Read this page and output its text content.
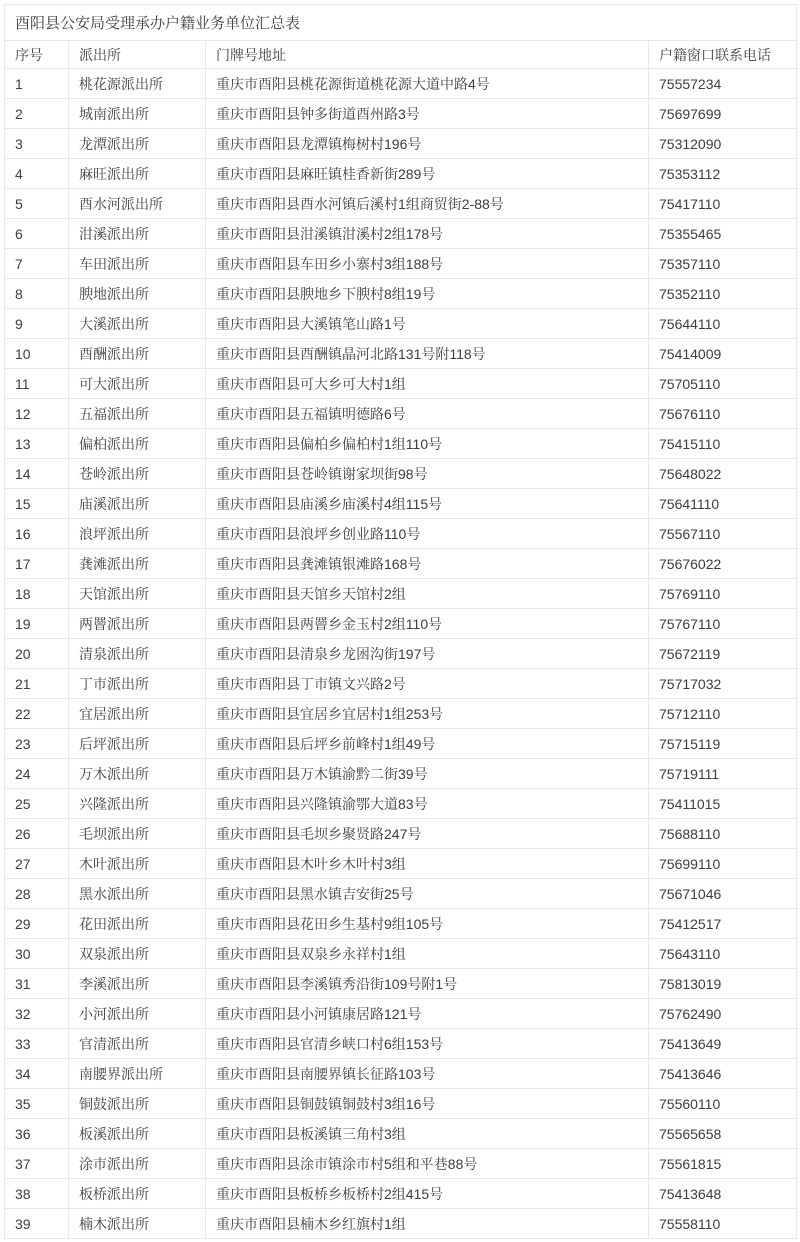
酉阳县公安局受理承办户籍业务单位汇总表			
序号	派出所	门牌号地址	户籍窗口联系电话
1	桃花源派出所	重庆市酉阳县桃花源街道桃花源大道中路4号	75557234
2	城南派出所	重庆市酉阳县钟多街道酉州路3号	75697699
3	龙潭派出所	重庆市酉阳县龙潭镇梅树村196号	75312090
4	麻旺派出所	重庆市酉阳县麻旺镇桂香新街289号	75353112
5	酉水河派出所	重庆市酉阳县酉水河镇后溪村1组商贸街2-88号	75417110
6	泔溪派出所	重庆市酉阳县泔溪镇泔溪村2组178号	75355465
7	车田派出所	重庆市酉阳县车田乡小寨村3组188号	75357110
8	腴地派出所	重庆市酉阳县腴地乡下腴村8组19号	75352110
9	大溪派出所	重庆市酉阳县大溪镇笔山路1号	75644110
10	酉酬派出所	重庆市酉阳县酉酬镇晶河北路131号附118号	75414009
11	可大派出所	重庆市酉阳县可大乡可大村1组	75705110
12	五福派出所	重庆市酉阳县五福镇明德路6号	75676110
13	偏柏派出所	重庆市酉阳县偏柏乡偏柏村1组110号	75415110
14	苍岭派出所	重庆市酉阳县苍岭镇谢家坝街98号	75648022
15	庙溪派出所	重庆市酉阳县庙溪乡庙溪村4组115号	75641110
16	浪坪派出所	重庆市酉阳县浪坪乡创业路110号	75567110
17	龚滩派出所	重庆市酉阳县龚滩镇银滩路168号	75676022
18	天馆派出所	重庆市酉阳县天馆乡天馆村2组	75769110
19	两罾派出所	重庆市酉阳县两罾乡金玉村2组110号	75767110
20	清泉派出所	重庆市酉阳县清泉乡龙囦沟街197号	75672119
21	丁市派出所	重庆市酉阳县丁市镇文兴路2号	75717032
22	宜居派出所	重庆市酉阳县宜居乡宜居村1组253号	75712110
23	后坪派出所	重庆市酉阳县后坪乡前峰村1组49号	75715119
24	万木派出所	重庆市酉阳县万木镇渝黔二街39号	75719111
25	兴隆派出所	重庆市酉阳县兴隆镇渝鄂大道83号	75411015
26	毛坝派出所	重庆市酉阳县毛坝乡聚贤路247号	75688110
27	木叶派出所	重庆市酉阳县木叶乡木叶村3组	75699110
28	黑水派出所	重庆市酉阳县黑水镇吉安街25号	75671046
29	花田派出所	重庆市酉阳县花田乡生基村9组105号	75412517
30	双泉派出所	重庆市酉阳县双泉乡永祥村1组	75643110
31	李溪派出所	重庆市酉阳县李溪镇秀沿街109号附1号	75813019
32	小河派出所	重庆市酉阳县小河镇康居路121号	75762490
33	官清派出所	重庆市酉阳县官清乡峡口村6组153号	75413649
34	南腰界派出所	重庆市酉阳县南腰界镇长征路103号	75413646
35	铜鼓派出所	重庆市酉阳县铜鼓镇铜鼓村3组16号	75560110
36	板溪派出所	重庆市酉阳县板溪镇三角村3组	75565658
37	涂市派出所	重庆市酉阳县涂市镇涂市村5组和平巷88号	75561815
38	板桥派出所	重庆市酉阳县板桥乡板桥村2组415号	75413648
39	楠木派出所	重庆市酉阳县楠木乡红旗村1组	75558110
